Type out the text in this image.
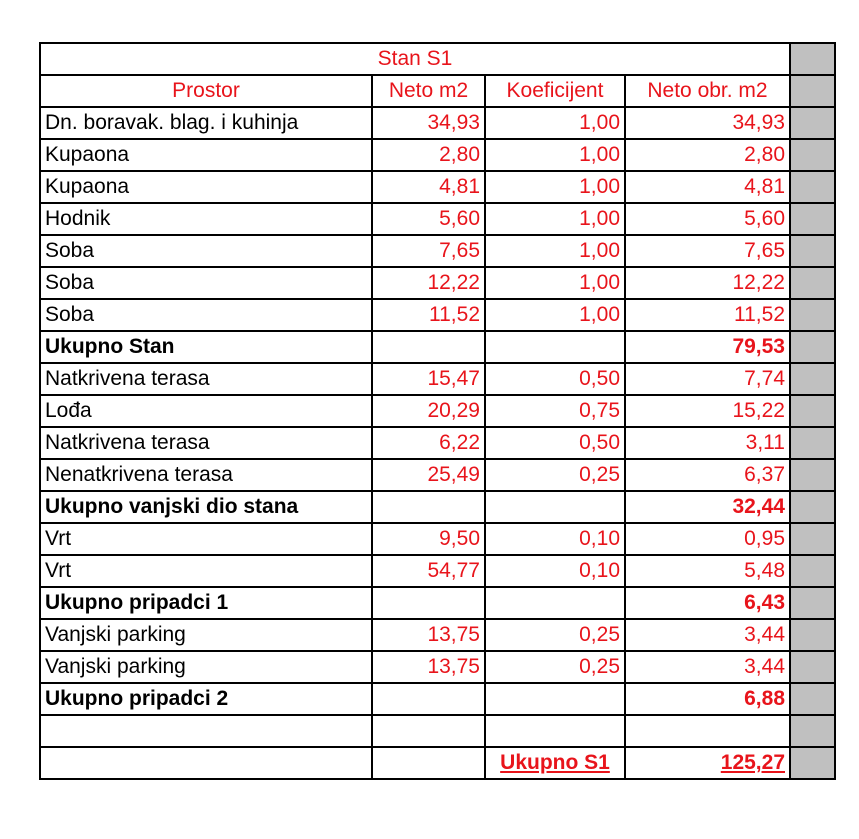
Stan S1				
Prostor	Neto m2	Koeficijent	Neto obr. m2	
Dn. boravak. blag. i kuhinja	34,93	1,00	34,93	
Kupaona	2,80	1,00	2,80	
Kupaona	4,81	1,00	4,81	
Hodnik	5,60	1,00	5,60	
Soba	7,65	1,00	7,65	
Soba	12,22	1,00	12,22	
Soba	11,52	1,00	11,52	
Ukupno Stan			79,53	
Natkrivena terasa	15,47	0,50	7,74	
Lođa	20,29	0,75	15,22	
Natkrivena terasa	6,22	0,50	3,11	
Nenatkrivena terasa	25,49	0,25	6,37	
Ukupno vanjski dio stana			32,44	
Vrt	9,50	0,10	0,95	
Vrt	54,77	0,10	5,48	
Ukupno pripadci 1			6,43	
Vanjski parking	13,75	0,25	3,44	
Vanjski parking	13,75	0,25	3,44	
Ukupno pripadci 2			6,88	

		Ukupno S1	125,27	
